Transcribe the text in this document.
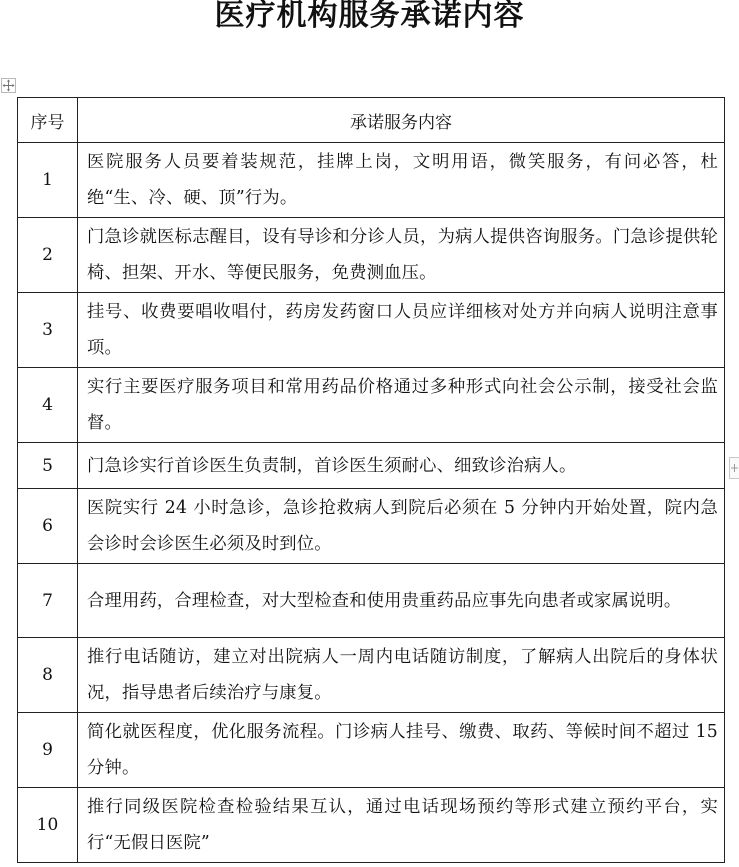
医疗机构服务承诺内容
序号	承诺服务内容
1	医院服务人员要着装规范，挂牌上岗，文明用语，微笑服务，有问必答，杜绝“生、冷、硬、顶”行为。
2	门急诊就医标志醒目，设有导诊和分诊人员，为病人提供咨询服务。门急诊提供轮椅、担架、开水、等便民服务，免费测血压。
3	挂号、收费要唱收唱付，药房发药窗口人员应详细核对处方并向病人说明注意事项。
4	实行主要医疗服务项目和常用药品价格通过多种形式向社会公示制，接受社会监督。
5	门急诊实行首诊医生负责制，首诊医生须耐心、细致诊治病人。
6	医院实行 24 小时急诊，急诊抢救病人到院后必须在 5 分钟内开始处置，院内急会诊时会诊医生必须及时到位。
7	合理用药，合理检查，对大型检查和使用贵重药品应事先向患者或家属说明。
8	推行电话随访，建立对出院病人一周内电话随访制度，了解病人出院后的身体状况，指导患者后续治疗与康复。
9	简化就医程度，优化服务流程。门诊病人挂号、缴费、取药、等候时间不超过 15 分钟。
10	推行同级医院检查检验结果互认，通过电话现场预约等形式建立预约平台，实行“无假日医院”
